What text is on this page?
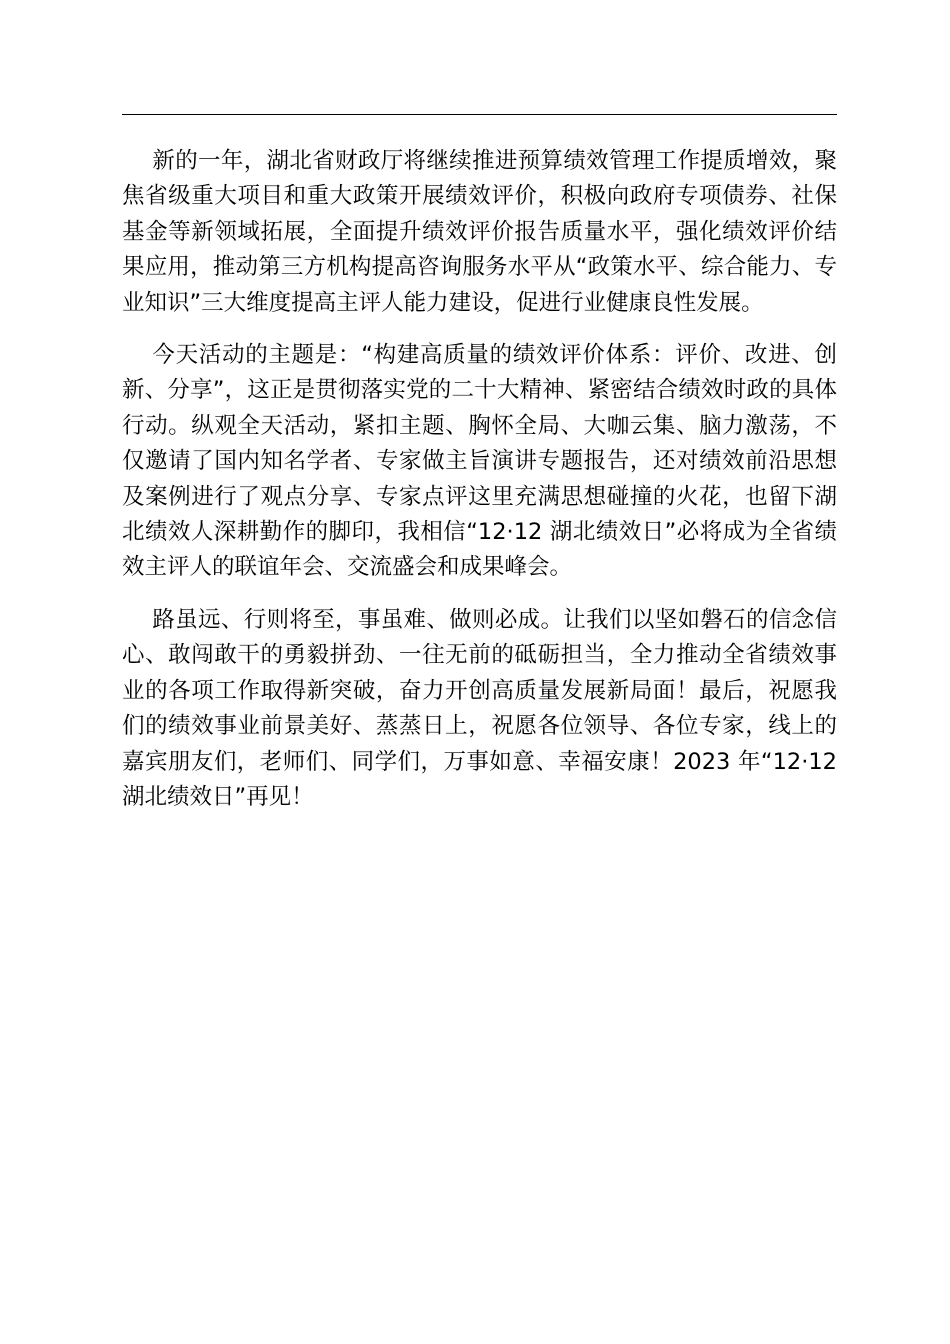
新的一年，湖北省财政厅将继续推进预算绩效管理工作提质增效，聚焦省级重大项目和重大政策开展绩效评价，积极向政府专项债券、社保基金等新领域拓展，全面提升绩效评价报告质量水平，强化绩效评价结果应用，推动第三方机构提高咨询服务水平从“政策水平、综合能力、专业知识”三大维度提高主评人能力建设，促进行业健康良性发展。

今天活动的主题是：“构建高质量的绩效评价体系：评价、改进、创新、分享”，这正是贯彻落实党的二十大精神、紧密结合绩效时政的具体行动。纵观全天活动，紧扣主题、胸怀全局、大咖云集、脑力激荡，不仅邀请了国内知名学者、专家做主旨演讲专题报告，还对绩效前沿思想及案例进行了观点分享、专家点评这里充满思想碰撞的火花，也留下湖北绩效人深耕勤作的脚印，我相信“12·12 湖北绩效日”必将成为全省绩效主评人的联谊年会、交流盛会和成果峰会。

路虽远、行则将至，事虽难、做则必成。让我们以坚如磐石的信念信心、敢闯敢干的勇毅拼劲、一往无前的砥砺担当，全力推动全省绩效事业的各项工作取得新突破，奋力开创高质量发展新局面！最后，祝愿我们的绩效事业前景美好、蒸蒸日上，祝愿各位领导、各位专家，线上的嘉宾朋友们，老师们、同学们，万事如意、幸福安康！2023 年“12·12 湖北绩效日”再见！
